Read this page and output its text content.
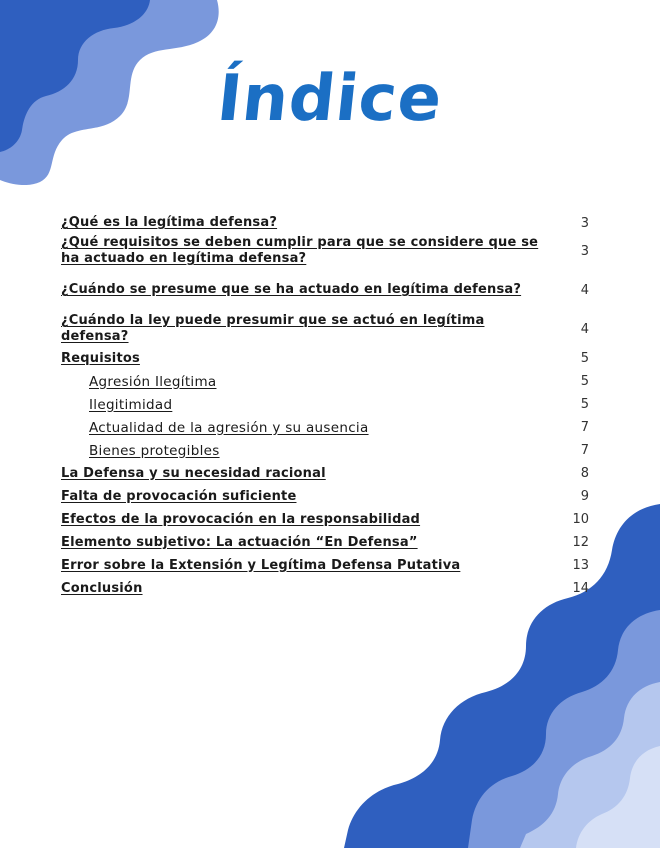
Índice
¿Qué es la legítima defensa?	3
¿Qué requisitos se deben cumplir para que se considere que se ha actuado en legítima defensa?	3
¿Cuándo se presume que se ha actuado en legítima defensa?	4
¿Cuándo la ley puede presumir que se actuó en legítima defensa?	4
Requisitos	5
Agresión Ilegítima	5
Ilegitimidad	5
Actualidad de la agresión y su ausencia	7
Bienes protegibles	7
La Defensa y su necesidad racional	8
Falta de provocación suficiente	9
Efectos de la provocación en la responsabilidad	10
Elemento subjetivo: La actuación “En Defensa”	12
Error sobre la Extensión y Legítima Defensa Putativa	13
Conclusión	14
